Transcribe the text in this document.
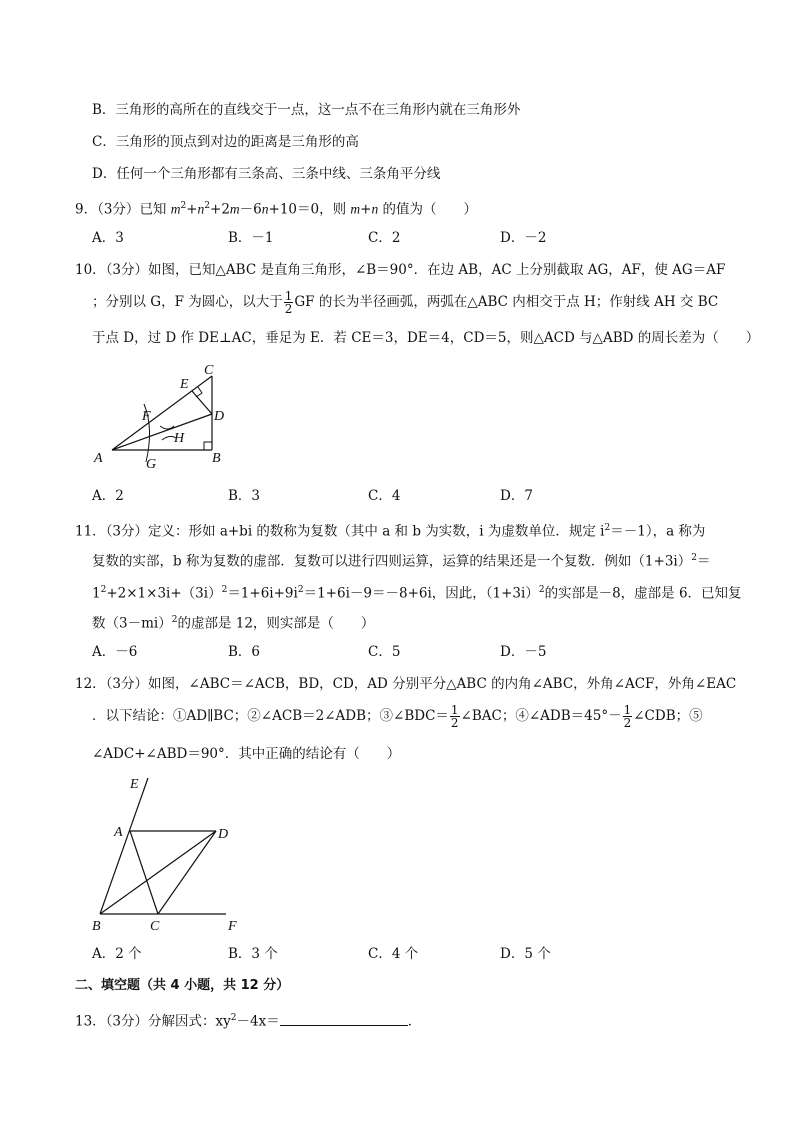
B．三角形的高所在的直线交于一点，这一点不在三角形内就在三角形外
C．三角形的顶点到对边的距离是三角形的高
D．任何一个三角形都有三条高、三条中线、三条角平分线
9．（3分）已知 $m^2+n^2+2m-6n+10=0$，则 m+n 的值为（　　）
A．3	B．－1	C．2	D．－2
10．（3分）如图，已知△ABC 是直角三角形，∠B＝90°．在边 AB，AC 上分别截取 AG，AF，使 AG＝AF
；分别以 G，F 为圆心，以大于 $\frac{1}{2}$ GF 的长为半径画弧，两弧在△ABC 内相交于点 H；作射线 AH 交 BC
于点 D，过 D 作 DE⊥AC，垂足为 E．若 CE＝3，DE＝4，CD＝5，则△ACD 与△ABD 的周长差为（　　）
A	B
C
D
E
F
G
H
A．2	B．3	C．4	D．7
11．（3分）定义：形如 a+bi 的数称为复数（其中 a 和 b 为实数，i 为虚数单位．规定 $i^2=-1$），a 称为
复数的实部，b 称为复数的虚部．复数可以进行四则运算，运算的结果还是一个复数．例如$(1+3i)^2=$
$1^2+2\times 1\times 3i+(3i)^2=1+6i+9i^2=1+6i-9=-8+6i$，因此，$(1+3i)^2$的实部是－8，虚部是 6．已知复
数$(3-mi)^2$的虚部是 12，则实部是（　　）
A．－6	B．6	C．5	D．－5
12．（3分）如图，∠ABC＝∠ACB，BD，CD，AD 分别平分△ABC 的内角∠ABC，外角∠ACF，外角∠EAC
．以下结论：①AD∥BC；②∠ACB＝2∠ADB；③∠BDC＝ $\frac{1}{2}$ ∠BAC；④∠ADB＝45°－ $\frac{1}{2}$ ∠CDB；⑤
∠ADC+∠ABD＝90°．其中正确的结论有（　　）
E
A	D
B	C	F
A．2 个	B．3 个	C．4 个	D．5 个
二、填空题（共 4 小题，共 12 分）
13．（3分）分解因式：$xy^2-4x=$	．
